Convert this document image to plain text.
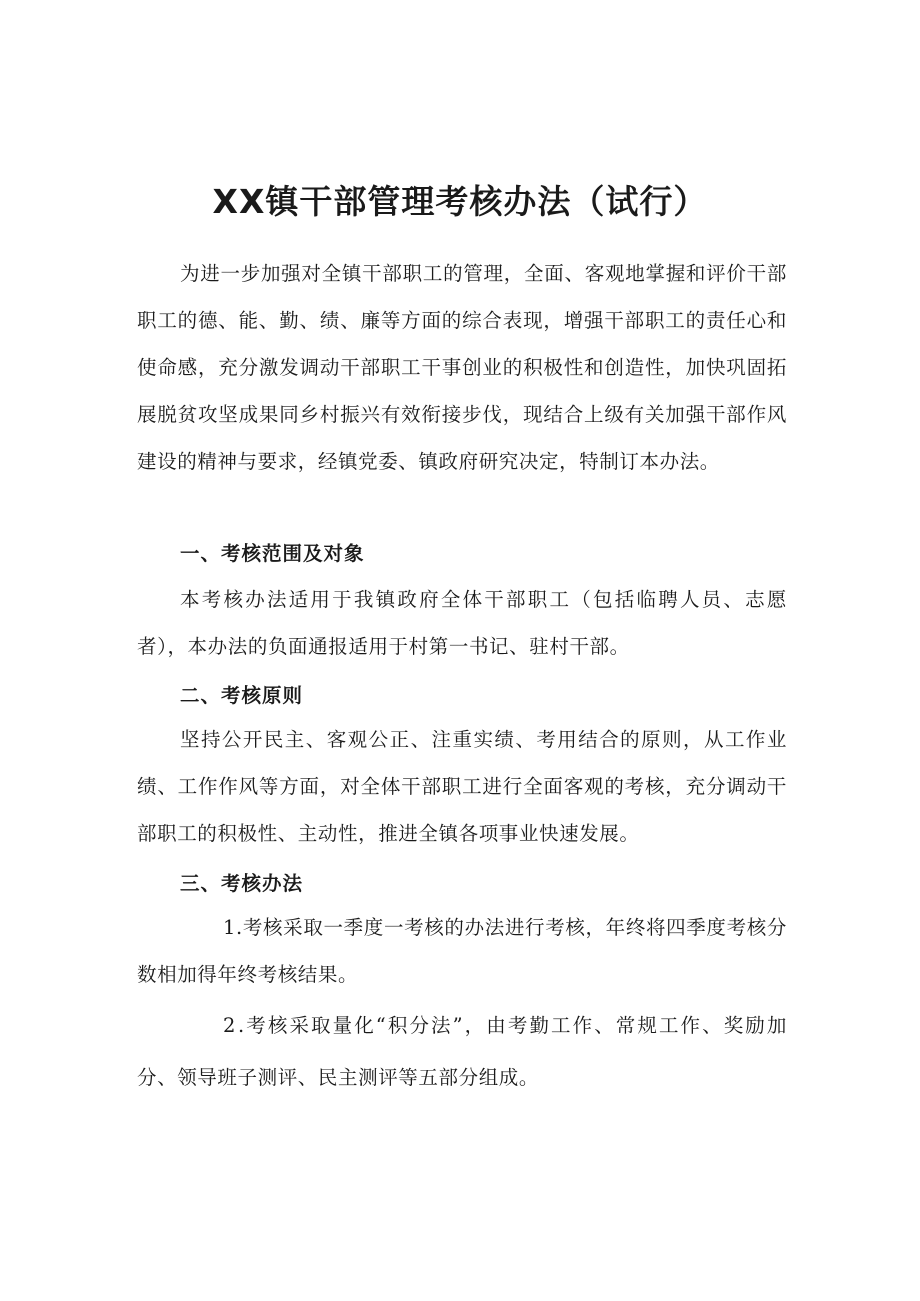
XX镇干部管理考核办法（试行）

为进一步加强对全镇干部职工的管理，全面、客观地掌握和评价干部职工的德、能、勤、绩、廉等方面的综合表现，增强干部职工的责任心和使命感，充分激发调动干部职工干事创业的积极性和创造性，加快巩固拓展脱贫攻坚成果同乡村振兴有效衔接步伐，现结合上级有关加强干部作风建设的精神与要求，经镇党委、镇政府研究决定，特制订本办法。

一、考核范围及对象

本考核办法适用于我镇政府全体干部职工（包括临聘人员、志愿者），本办法的负面通报适用于村第一书记、驻村干部。

二、考核原则

坚持公开民主、客观公正、注重实绩、考用结合的原则，从工作业绩、工作作风等方面，对全体干部职工进行全面客观的考核，充分调动干部职工的积极性、主动性，推进全镇各项事业快速发展。

三、考核办法

1.考核采取一季度一考核的办法进行考核，年终将四季度考核分数相加得年终考核结果。

2 .考核采取量化“积分法”，由考勤工作、常规工作、奖励加分、领导班子测评、民主测评等五部分组成。
